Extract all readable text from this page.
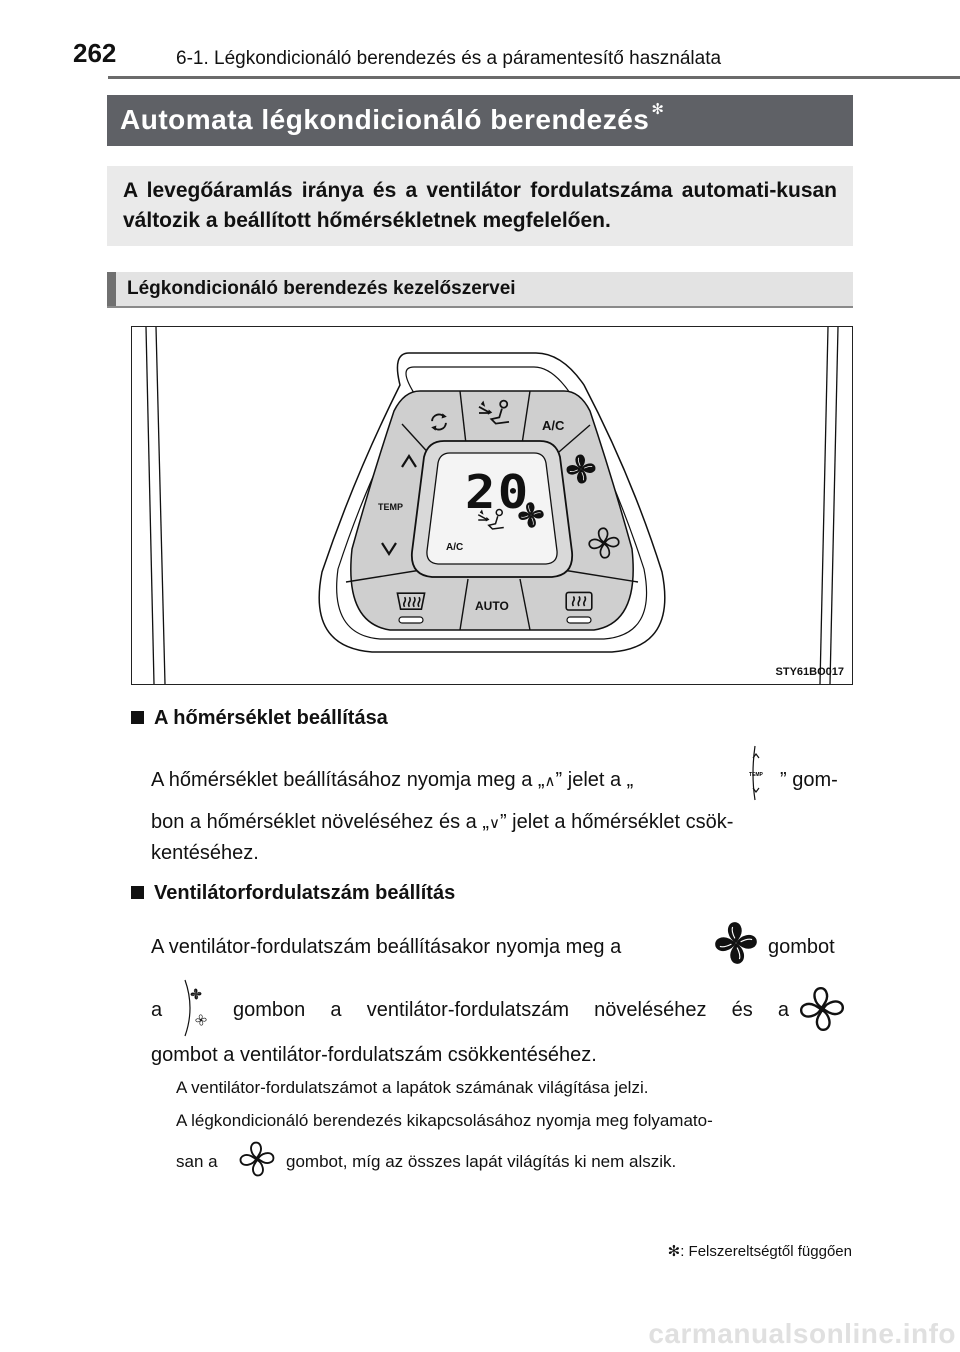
262	6-1. Légkondicionáló berendezés és a páramentesítő használata
Automata légkondicionáló berendezés ✻
A levegőáramlás iránya és a ventilátor fordulatszáma automati-kusan változik a beállított hőmérsékletnek megfelelően.
Légkondicionáló berendezés kezelőszervei
20
A/C
TEMP
AUTO
A/C
STY61BO017
A hőmérséklet beállítása
A hőmérséklet beállításához nyomja meg a „∧” jelet a „	TEMP ” gom-
bon a hőmérséklet növeléséhez és a „∨” jelet a hőmérséklet csök-
kentéséhez.
Ventilátorfordulatszám beállítás
A ventilátor-fordulatszám beállításakor nyomja meg a	gombot
a	gombon a ventilátor-fordulatszám növeléséhez és a
gombot a ventilátor-fordulatszám csökkentéséhez.
A ventilátor-fordulatszámot a lapátok számának világítása jelzi.
A légkondicionáló berendezés kikapcsolásához nyomja meg folyamato-
san a	gombot, míg az összes lapát világítás ki nem alszik.
✻: Felszereltségtől függően
carmanualsonline.info
